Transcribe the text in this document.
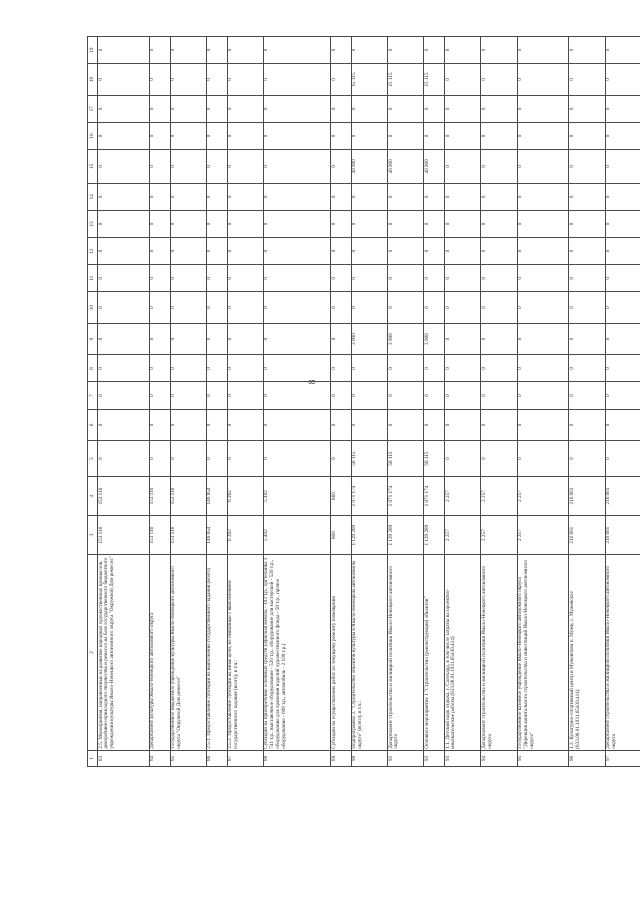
8
1	2	3	4	5	6	7	8	9	10	11	12	13	14	15	16	17	18	19
83	2.5. Мероприятия, направленные на развитие народных художественных промыслов, декоративно-прикладного творчества и ремесел на базе государственного бюджетного учреждения культуры Ямало-Ненецкого автономного округа "Окружной Дом ремесел"	153 116	153 116	0	0	0	0	0	0	0	0	0	0	0	0	0	0	0
84	Департамент культуры Ямало-Ненецкого автономного округа	153 116	153 116	0	0	0	0	0	0	0	0	0	0	0	0	0	0	0
85	Государственное бюджетное учреждение культуры Ямало-Ненецкого автономного округа "Окружной Дом ремесел"	153 116	153 116	0	0	0	0	0	0	0	0	0	0	0	0	0	0	0
86	2.5.1. Предоставление субсидии на выполнение государственного задания (всего)	146 854	146 854	0	0	0	0	0	0	0	0	0	0	0	0	0	0	0
87	2.5.2. Предоставление субсидии на иные цели, не связанные с выполнением государственного задания (всего), в т.ч.:	6 262	6 262	0	0	0	0	0	0	0	0	0	0	0	0	0	0	0
88	Субсидии на приобретение основных средств (офисная мебель - 103 т.р., оргтехника 1 741 т.р., выставочное оборудование - 520 т.р., оборудование для мастерской - 526 т.р., оборудование для хранения изделий художественного фонда - 50 т.р., прочее оборудование - 609 т.р., автомобиль - 2 100 т.р.)	5 402	5 402	0	0	0	0	0	0	0	0	0	0	0	0	0	0	0
89	Субсидии на осуществление работ по текущему ремонту помещения	860	860	0	0	0	0	0	0	0	0	0	0	0	0	0	0	0
90	Подпрограмма 3. "Строительство объектов культуры в Ямало-Ненецком автономном округе" (всего), в т.ч.:	1 129 289	1 071 174	58 115	0	0	0	3 000	0	0	0	0	0	40 000	0	0	15 115	0
91	Департамент строительства и жилищной политики Ямало-Ненецкого автономного округа	1 129 289	1 071 174	58 115	0	0	0	3 000	0	0	0	0	0	40 000	0	0	15 115	0
92	Основное мероприятие 1 "Строительство (реконструкция) объектов"	1 129 289	1 071 174	58 115	0	0	0	3 000	0	0	0	0	0	40 000	0	0	15 115	0
93	1.1. Детский парк отдыха, г. Салехард, в том числе затраты на проектно-изыскательские работы (833.08.01.1031.65430.414)	2 257	2 257	0	0	0	0	0	0	0	0	0	0	0	0	0	0	0
94	Департамент строительства и жилищной политики Ямало-Ненецкого автономного округа	2 257	2 257	0	0	0	0	0	0	0	0	0	0	0	0	0	0	0
95	Государственное казенное учреждение Ямало-Ненецкого автономного округа "Дирекция капитального строительства и инвестиций Ямало-Ненецкого автономного округа"	2 257	2 257	0	0	0	0	0	0	0	0	0	0	0	0	0	0	0
96	1.2. Культурно-спортивный центр в Мужевском п. Мужи, с. Мужевское (833.08.01.1031.65430.414)	216 661	216 661	0	0	0	0	0	0	0	0	0	0	0	0	0	0	0
97	Департамент строительства и жилищной политики Ямало-Ненецкого автономного округа	216 661	216 661	0	0	0	0	0	0	0	0	0	0	0	0	0	0	0
